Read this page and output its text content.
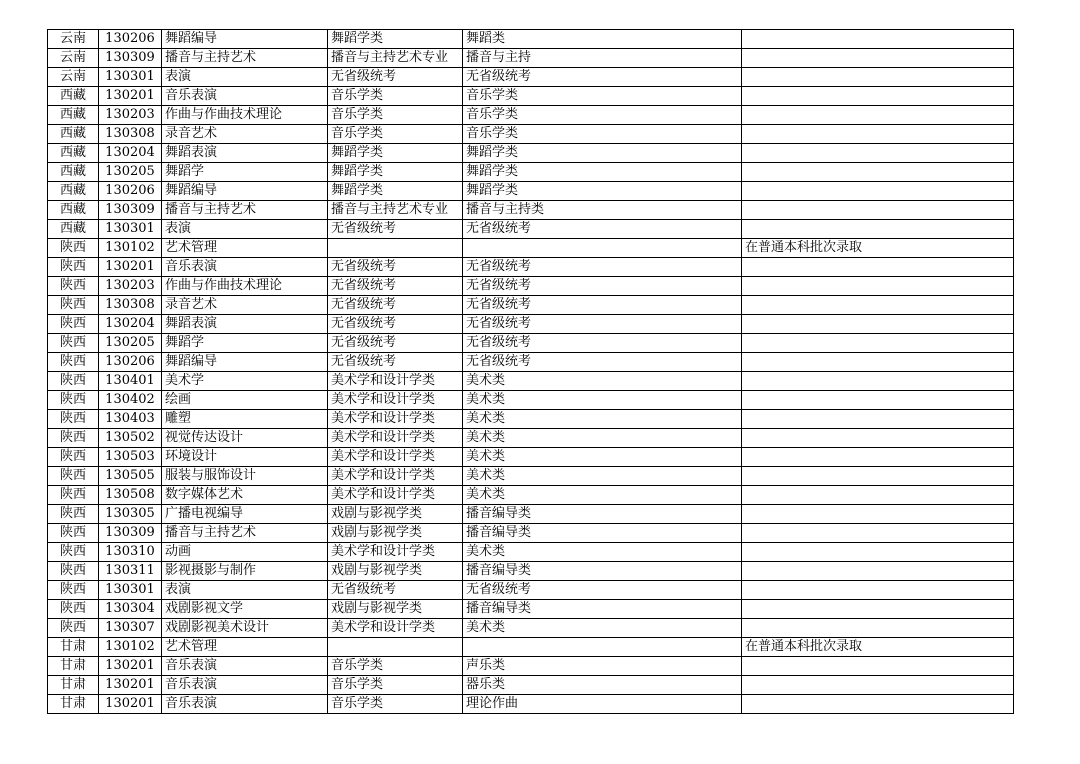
云南	130206	舞蹈编导	舞蹈学类	舞蹈类	
云南	130309	播音与主持艺术	播音与主持艺术专业	播音与主持	
云南	130301	表演	无省级统考	无省级统考	
西藏	130201	音乐表演	音乐学类	音乐学类	
西藏	130203	作曲与作曲技术理论	音乐学类	音乐学类	
西藏	130308	录音艺术	音乐学类	音乐学类	
西藏	130204	舞蹈表演	舞蹈学类	舞蹈学类	
西藏	130205	舞蹈学	舞蹈学类	舞蹈学类	
西藏	130206	舞蹈编导	舞蹈学类	舞蹈学类	
西藏	130309	播音与主持艺术	播音与主持艺术专业	播音与主持类	
西藏	130301	表演	无省级统考	无省级统考	
陕西	130102	艺术管理			在普通本科批次录取
陕西	130201	音乐表演	无省级统考	无省级统考	
陕西	130203	作曲与作曲技术理论	无省级统考	无省级统考	
陕西	130308	录音艺术	无省级统考	无省级统考	
陕西	130204	舞蹈表演	无省级统考	无省级统考	
陕西	130205	舞蹈学	无省级统考	无省级统考	
陕西	130206	舞蹈编导	无省级统考	无省级统考	
陕西	130401	美术学	美术学和设计学类	美术类	
陕西	130402	绘画	美术学和设计学类	美术类	
陕西	130403	雕塑	美术学和设计学类	美术类	
陕西	130502	视觉传达设计	美术学和设计学类	美术类	
陕西	130503	环境设计	美术学和设计学类	美术类	
陕西	130505	服装与服饰设计	美术学和设计学类	美术类	
陕西	130508	数字媒体艺术	美术学和设计学类	美术类	
陕西	130305	广播电视编导	戏剧与影视学类	播音编导类	
陕西	130309	播音与主持艺术	戏剧与影视学类	播音编导类	
陕西	130310	动画	美术学和设计学类	美术类	
陕西	130311	影视摄影与制作	戏剧与影视学类	播音编导类	
陕西	130301	表演	无省级统考	无省级统考	
陕西	130304	戏剧影视文学	戏剧与影视学类	播音编导类	
陕西	130307	戏剧影视美术设计	美术学和设计学类	美术类	
甘肃	130102	艺术管理			在普通本科批次录取
甘肃	130201	音乐表演	音乐学类	声乐类	
甘肃	130201	音乐表演	音乐学类	器乐类	
甘肃	130201	音乐表演	音乐学类	理论作曲	
